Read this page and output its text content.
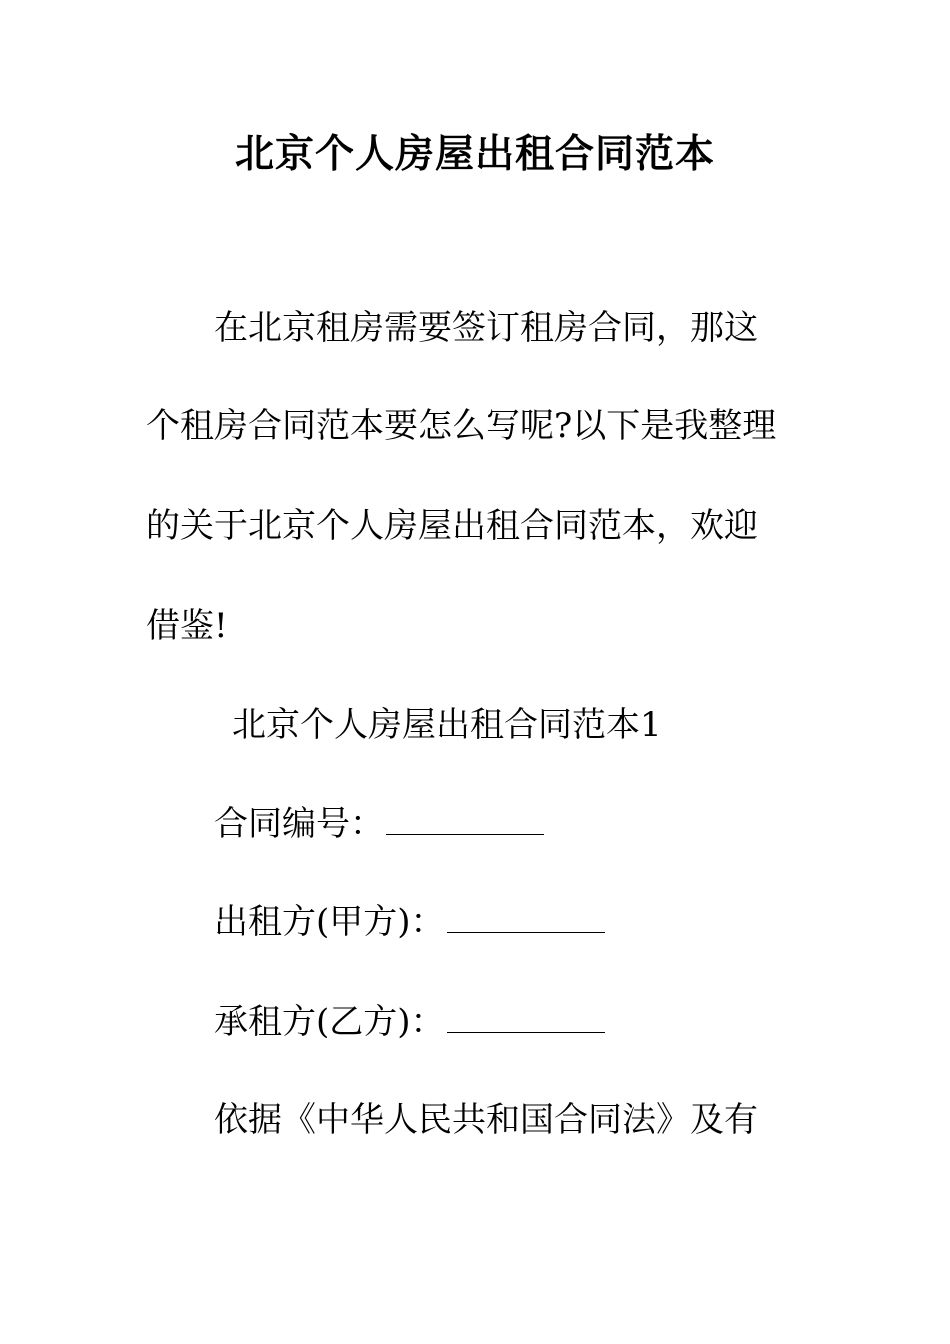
北京个人房屋出租合同范本
在北京租房需要签订租房合同，那这
个租房合同范本要怎么写呢?以下是我整理
的关于北京个人房屋出租合同范本，欢迎
借鉴!
北京个人房屋出租合同范本1
合同编号：
出租方(甲方)：
承租方(乙方)：
依据《中华人民共和国合同法》及有
